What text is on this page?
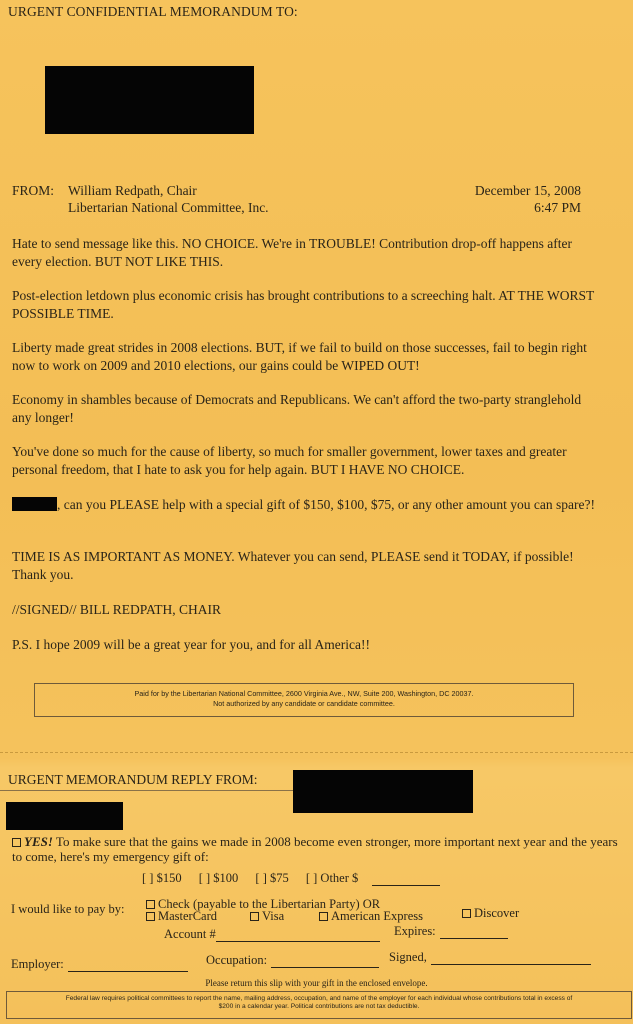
URGENT CONFIDENTIAL MEMORANDUM TO:
FROM: William Redpath, Chair
Libertarian National Committee, Inc.
December 15, 2008
6:47 PM
Hate to send message like this. NO CHOICE. We're in TROUBLE! Contribution drop-off happens after every election. BUT NOT LIKE THIS.
Post-election letdown plus economic crisis has brought contributions to a screeching halt. AT THE WORST POSSIBLE TIME.
Liberty made great strides in 2008 elections. BUT, if we fail to build on those successes, fail to begin right now to work on 2009 and 2010 elections, our gains could be WIPED OUT!
Economy in shambles because of Democrats and Republicans. We can't afford the two-party stranglehold any longer!
You've done so much for the cause of liberty, so much for smaller government, lower taxes and greater personal freedom, that I hate to ask you for help again. BUT I HAVE NO CHOICE.
, can you PLEASE help with a special gift of $150, $100, $75, or any other amount you can spare?!
TIME IS AS IMPORTANT AS MONEY. Whatever you can send, PLEASE send it TODAY, if possible! Thank you.
//SIGNED// BILL REDPATH, CHAIR
P.S. I hope 2009 will be a great year for you, and for all America!!
Paid for by the Libertarian National Committee, 2600 Virginia Ave., NW, Suite 200, Washington, DC 20037.
Not authorized by any candidate or candidate committee.
URGENT MEMORANDUM REPLY FROM:
YES! To make sure that the gains we made in 2008 become even stronger, more important next year and the years to come, here's my emergency gift of:
[ ] $150 [ ] $100 [ ] $75 [ ] Other $
I would like to pay by:	Check (payable to the Libertarian Party) OR
MasterCard	Visa	American Express	Discover
Account #	Expires:
Employer:	Occupation:	Signed,
Please return this slip with your gift in the enclosed envelope.
Federal law requires political committees to report the name, mailing address, occupation, and name of the employer for each individual whose contributions total in excess of
$200 in a calendar year. Political contributions are not tax deductible.
